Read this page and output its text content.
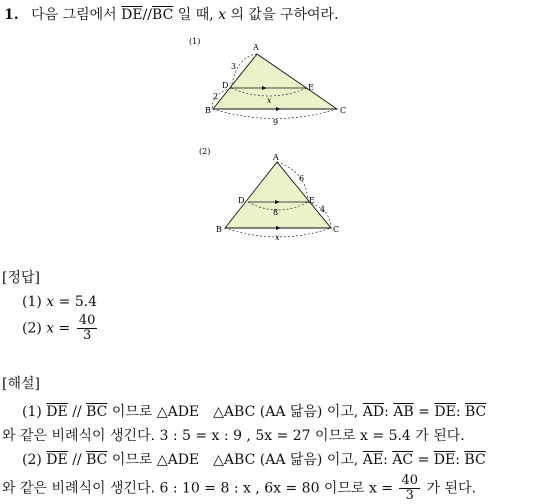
1. 다음 그림에서 $\overline{DE}//\overline{BC}$ 일 때, x 의 값을 구하여라.
(1)
A
B	C
D	E
3
2	x
9
(2)
A
B	C
D	E
6
4
8
x
[정답]
(1) x = 5.4
(2) $x = \frac{40}{3}$
[해설]
(1) $\overline{DE} // \overline{BC}$ 이므로 △ADE　△ABC (AA 닮음) 이고, $\overline{AD}$: $\overline{AB} = \overline{DE}$: $\overline{BC}$
와 같은 비례식이 생긴다. 3 : 5 = x : 9 , 5x = 27 이므로 x = 5.4 가 된다.
(2) $\overline{DE} // \overline{BC}$ 이므로 △ADE　△ABC (AA 닮음) 이고, $\overline{AE}$: $\overline{AC} = \overline{DE}$: $\overline{BC}$
와 같은 비례식이 생긴다. 6 : 10 = 8 : x , 6x = 80 이므로 $x = \frac{40}{3}$ 가 된다.
